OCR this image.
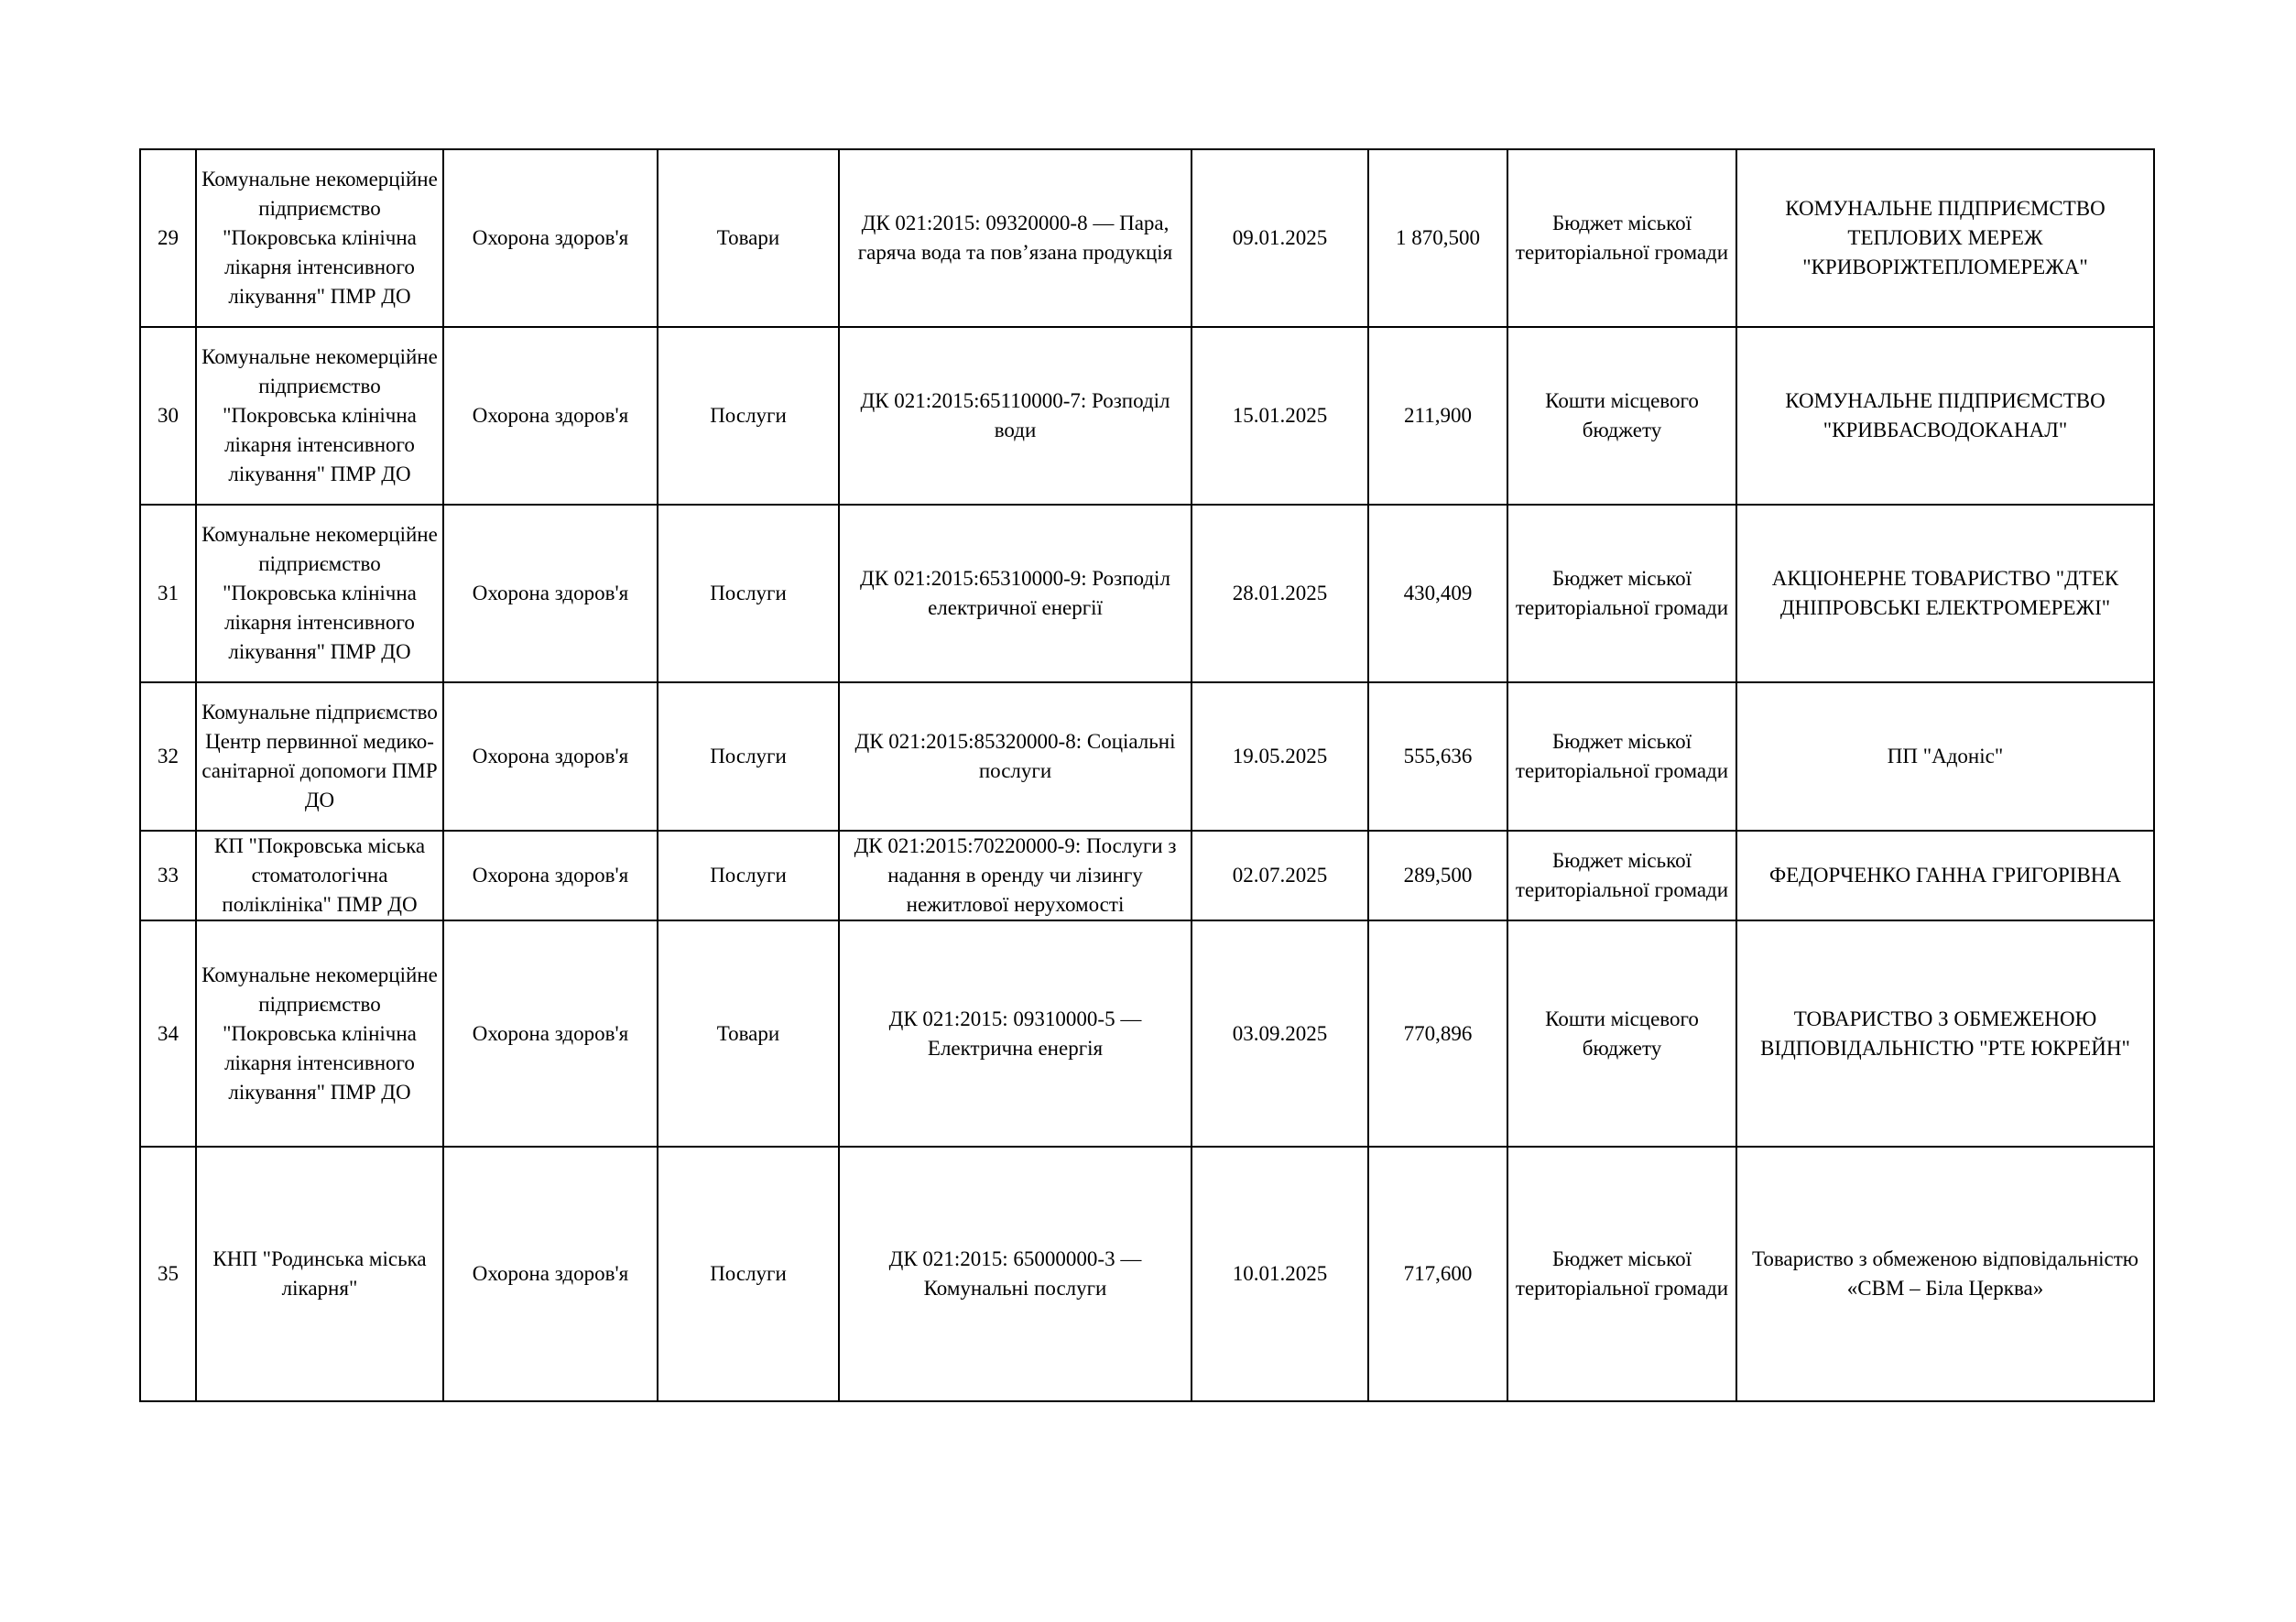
29	Комунальне некомерційне підприємство "Покровська клінічна лікарня інтенсивного лікування" ПМР ДО	Охорона здоров'я	Товари	ДК 021:2015: 09320000-8 — Пара, гаряча вода та пов’язана продукція	09.01.2025	1 870,500	Бюджет міської територіальної громади	КОМУНАЛЬНЕ ПІДПРИЄМСТВО ТЕПЛОВИХ МЕРЕЖ "КРИВОРІЖТЕПЛОМЕРЕЖА"
30	Комунальне некомерційне підприємство "Покровська клінічна лікарня інтенсивного лікування" ПМР ДО	Охорона здоров'я	Послуги	ДК 021:2015:65110000-7: Розподіл води	15.01.2025	211,900	Кошти місцевого бюджету	КОМУНАЛЬНЕ ПІДПРИЄМСТВО "КРИВБАСВОДОКАНАЛ"
31	Комунальне некомерційне підприємство "Покровська клінічна лікарня інтенсивного лікування" ПМР ДО	Охорона здоров'я	Послуги	ДК 021:2015:65310000-9: Розподіл електричної енергії	28.01.2025	430,409	Бюджет міської територіальної громади	АКЦІОНЕРНЕ ТОВАРИСТВО "ДТЕК ДНІПРОВСЬКІ ЕЛЕКТРОМЕРЕЖІ"
32	Комунальне підприємство Центр первинної медико-санітарної допомоги ПМР ДО	Охорона здоров'я	Послуги	ДК 021:2015:85320000-8: Соціальні послуги	19.05.2025	555,636	Бюджет міської територіальної громади	ПП "Адоніс"
33	КП "Покровська міська стоматологічна поліклініка" ПМР ДО	Охорона здоров'я	Послуги	ДК 021:2015:70220000-9: Послуги з надання в оренду чи лізингу нежитлової нерухомості	02.07.2025	289,500	Бюджет міської територіальної громади	ФЕДОРЧЕНКО ГАННА ГРИГОРІВНА
34	Комунальне некомерційне підприємство "Покровська клінічна лікарня інтенсивного лікування" ПМР ДО	Охорона здоров'я	Товари	ДК 021:2015: 09310000-5 — Електрична енергія	03.09.2025	770,896	Кошти місцевого бюджету	ТОВАРИСТВО З ОБМЕЖЕНОЮ ВІДПОВІДАЛЬНІСТЮ "РТЕ ЮКРЕЙН"
35	КНП "Родинська міська лікарня"	Охорона здоров'я	Послуги	ДК 021:2015: 65000000-3 — Комунальні послуги	10.01.2025	717,600	Бюджет міської територіальної громади	Товариство з обмеженою відповідальністю «СВМ – Біла Церква»
